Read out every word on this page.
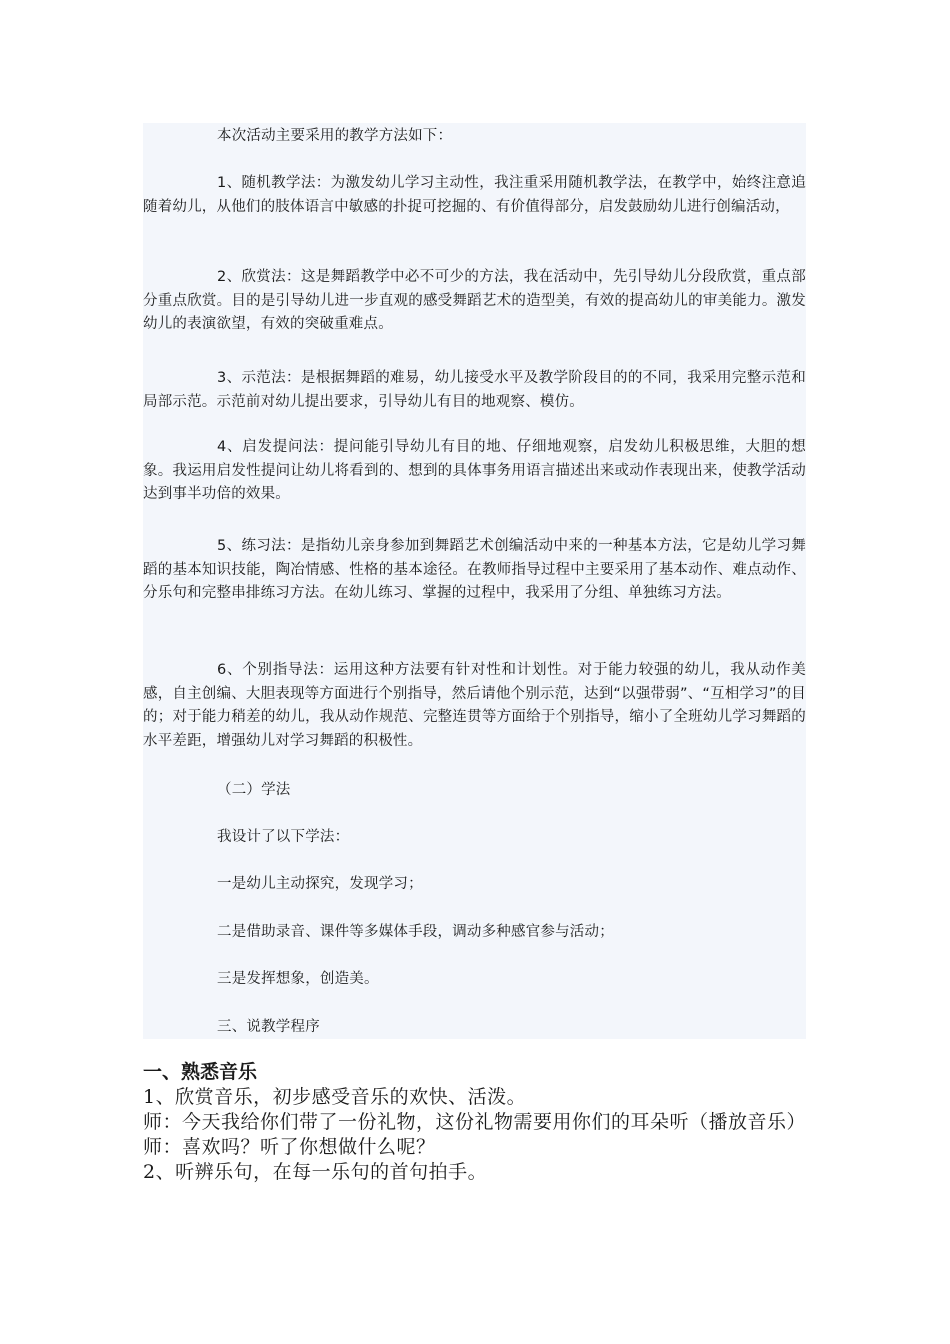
本次活动主要采用的教学方法如下：

1、随机教学法：为激发幼儿学习主动性，我注重采用随机教学法，在教学中，始终注意追随着幼儿，从他们的肢体语言中敏感的扑捉可挖掘的、有价值得部分，启发鼓励幼儿进行创编活动，

2、欣赏法：这是舞蹈教学中必不可少的方法，我在活动中，先引导幼儿分段欣赏，重点部分重点欣赏。目的是引导幼儿进一步直观的感受舞蹈艺术的造型美，有效的提高幼儿的审美能力。激发幼儿的表演欲望，有效的突破重难点。

3、示范法：是根据舞蹈的难易，幼儿接受水平及教学阶段目的的不同，我采用完整示范和局部示范。示范前对幼儿提出要求，引导幼儿有目的地观察、模仿。

4、启发提问法：提问能引导幼儿有目的地、仔细地观察，启发幼儿积极思维，大胆的想象。我运用启发性提问让幼儿将看到的、想到的具体事务用语言描述出来或动作表现出来，使教学活动达到事半功倍的效果。

5、练习法：是指幼儿亲身参加到舞蹈艺术创编活动中来的一种基本方法，它是幼儿学习舞蹈的基本知识技能，陶冶情感、性格的基本途径。在教师指导过程中主要采用了基本动作、难点动作、分乐句和完整串排练习方法。在幼儿练习、掌握的过程中，我采用了分组、单独练习方法。

6、个别指导法：运用这种方法要有针对性和计划性。对于能力较强的幼儿，我从动作美感，自主创编、大胆表现等方面进行个别指导，然后请他个别示范，达到“以强带弱”、“互相学习”的目的；对于能力稍差的幼儿，我从动作规范、完整连贯等方面给于个别指导，缩小了全班幼儿学习舞蹈的水平差距，增强幼儿对学习舞蹈的积极性。

（二）学法

我设计了以下学法：

一是幼儿主动探究，发现学习；

二是借助录音、课件等多媒体手段，调动多种感官参与活动；

三是发挥想象，创造美。

三、说教学程序

一、熟悉音乐

1、欣赏音乐，初步感受音乐的欢快、活泼。

师：今天我给你们带了一份礼物，这份礼物需要用你们的耳朵听（播放音乐）

师：喜欢吗？听了你想做什么呢？

2、听辨乐句，在每一乐句的首句拍手。
